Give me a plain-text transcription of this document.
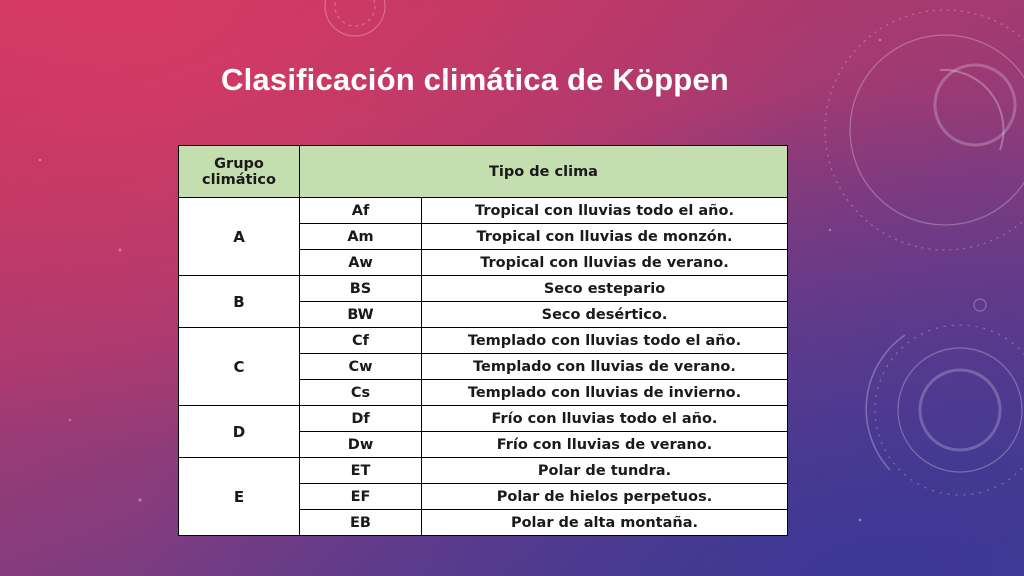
Clasificación climática de Köppen
Grupo climático	Tipo de clima	
A	Af	Tropical con lluvias todo el año.
	Am	Tropical con lluvias de monzón.
	Aw	Tropical con lluvias de verano.
B	BS	Seco estepario
	BW	Seco desértico.
C	Cf	Templado con lluvias todo el año.
	Cw	Templado con lluvias de verano.
	Cs	Templado con lluvias de invierno.
D	Df	Frío con lluvias todo el año.
	Dw	Frío con lluvias de verano.
E	ET	Polar de tundra.
	EF	Polar de hielos perpetuos.
	EB	Polar de alta montaña.
